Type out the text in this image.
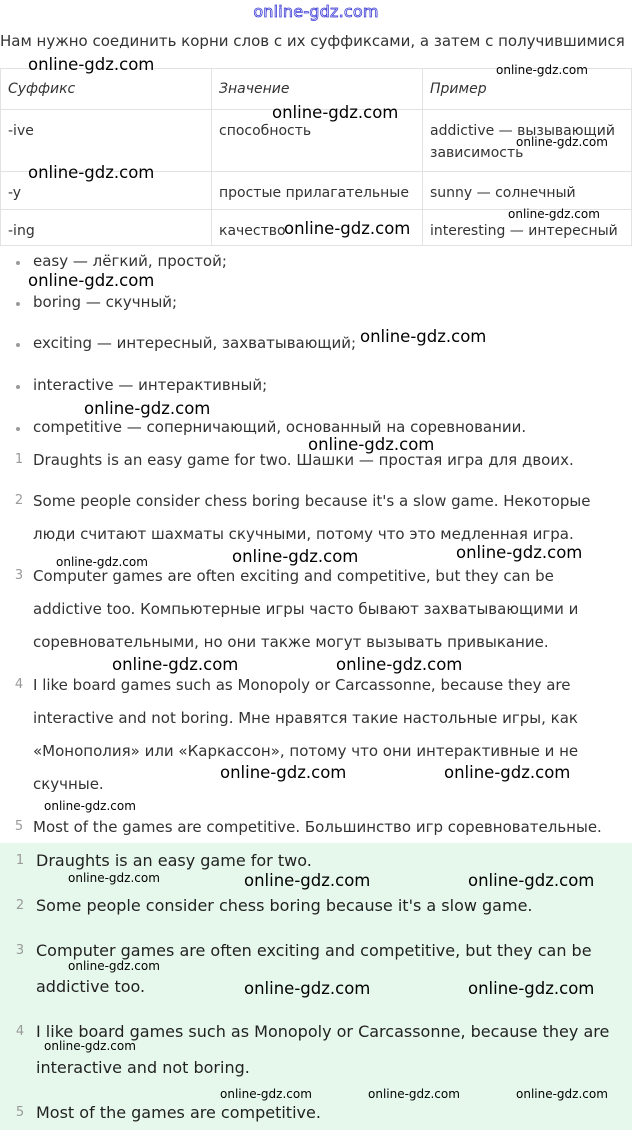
online-gdz.com
Нам нужно соединить корни слов с их суффиксами, а затем с получившимися
Суффикс	Значение	Пример
-ive	способность	addictive — вызывающий зависимость
-y	простые прилагательные	sunny — солнечный
-ing	качество	interesting — интересный
easy — лёгкий, простой;
boring — скучный;
exciting — интересный, захватывающий;
interactive — интерактивный;
competitive — соперничающий, основанный на соревновании.
1 Draughts is an easy game for two. Шашки — простая игра для двоих.
2 Some people consider chess boring because it's a slow game. Некоторые люди считают шахматы скучными, потому что это медленная игра.
3 Computer games are often exciting and competitive, but they can be addictive too. Компьютерные игры часто бывают захватывающими и соревновательными, но они также могут вызывать привыкание.
4 I like board games such as Monopoly or Carcassonne, because they are interactive and not boring. Мне нравятся такие настольные игры, как «Монополия» или «Каркассон», потому что они интерактивные и не скучные.
5 Most of the games are competitive. Большинство игр соревновательные.
1 Draughts is an easy game for two.
2 Some people consider chess boring because it's a slow game.
3 Computer games are often exciting and competitive, but they can be addictive too.
4 I like board games such as Monopoly or Carcassonne, because they are interactive and not boring.
5 Most of the games are competitive.
online-gdz.com	online-gdz.com
online-gdz.com
online-gdz.com
online-gdz.com
online-gdz.com
online-gdz.com
online-gdz.com
online-gdz.com
online-gdz.com
online-gdz.com
online-gdz.com	online-gdz.com	online-gdz.com
online-gdz.com	online-gdz.com
online-gdz.com	online-gdz.com
online-gdz.com
online-gdz.com	online-gdz.com	online-gdz.com
online-gdz.com
online-gdz.com	online-gdz.com
online-gdz.com
online-gdz.com	online-gdz.com	online-gdz.com
